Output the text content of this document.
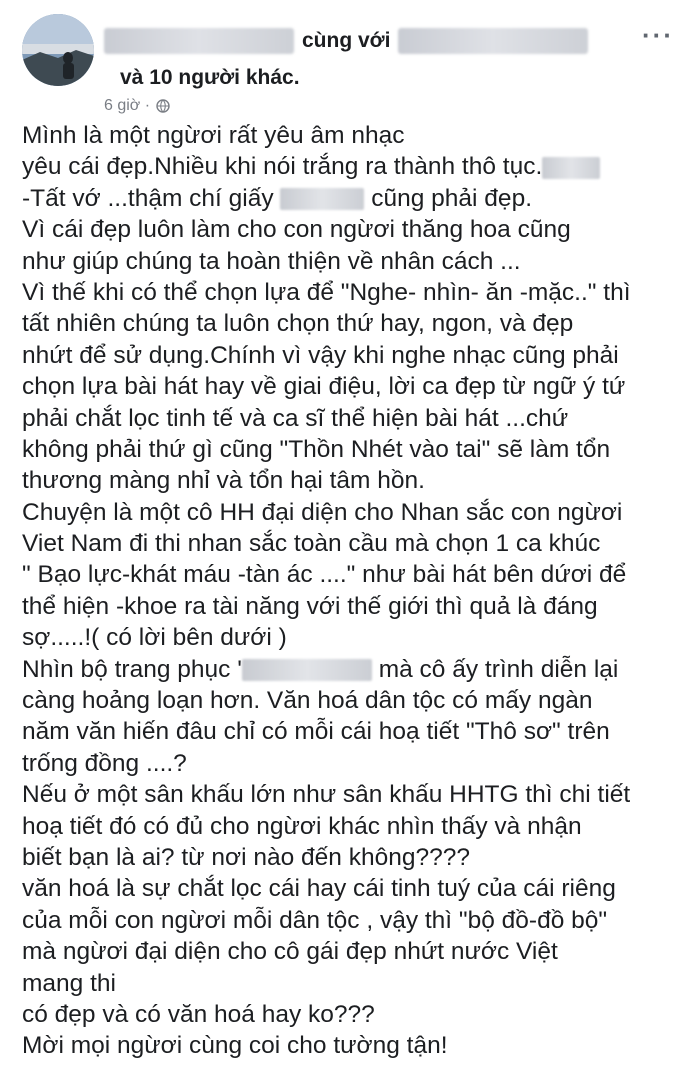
cùng với	···
và 10 người khác.
6 giờ ·
Mình là một ngừơi rất yêu âm nhạc
yêu cái đẹp.Nhiều khi nói trắng ra thành thô tục.
-Tất vớ ...thậm chí giấy	cũng phải đẹp.
Vì cái đẹp luôn làm cho con ngừơi thăng hoa cũng
như giúp chúng ta hoàn thiện về nhân cách ...
Vì thế khi có thể chọn lựa để "Nghe- nhìn- ăn -mặc.." thì
tất nhiên chúng ta luôn chọn thứ hay, ngon, và đẹp
nhứt để sử dụng.Chính vì vậy khi nghe nhạc cũng phải
chọn lựa bài hát hay về giai điệu, lời ca đẹp từ ngữ ý tứ
phải chắt lọc tinh tế và ca sĩ thể hiện bài hát ...chứ
không phải thứ gì cũng "Thồn Nhét vào tai" sẽ làm tổn
thương màng nhỉ và tổn hại tâm hồn.
Chuyện là một cô HH đại diện cho Nhan sắc con ngừơi
Viet Nam đi thi nhan sắc toàn cầu mà chọn 1 ca khúc
" Bạo lực-khát máu -tàn ác ...." như bài hát bên dứơi để
thể hiện -khoe ra tài năng với thế giới thì quả là đáng
sợ.....!( có lời bên dưới )
Nhìn bộ trang phục '	mà cô ấy trình diễn lại
càng hoảng loạn hơn. Văn hoá dân tộc có mấy ngàn
năm văn hiến đâu chỉ có mỗi cái hoạ tiết "Thô sơ" trên
trống đồng ....?
Nếu ở một sân khấu lớn như sân khấu HHTG thì chi tiết
hoạ tiết đó có đủ cho ngừơi khác nhìn thấy và nhận
biết bạn là ai? từ nơi nào đến không????
văn hoá là sự chắt lọc cái hay cái tinh tuý của cái riêng
của mỗi con ngừơi mỗi dân tộc , vậy thì "bộ đồ-đồ bộ"
mà ngừơi đại diện cho cô gái đẹp nhứt nước Việt
mang thi
có đẹp và có văn hoá hay ko???
Mời mọi ngừơi cùng coi cho tường tận!
